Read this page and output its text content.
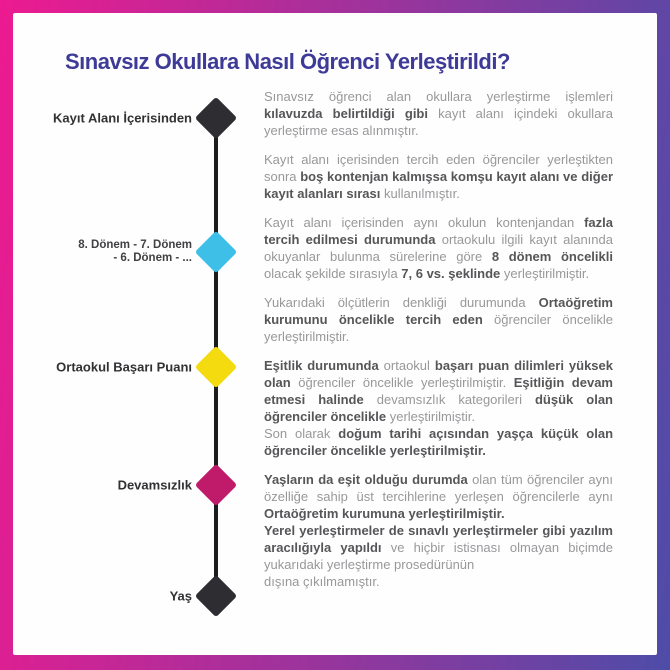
Sınavsız Okullara Nasıl Öğrenci Yerleştirildi?
Kayıt Alanı İçerisinden
8. Dönem - 7. Dönem
- 6. Dönem - ...
Ortaokul Başarı Puanı
Devamsızlık
Yaş

Sınavsız öğrenci alan okullara yerleştirme işlemleri kılavuzda belirtildiği gibi kayıt alanı içindeki okullara yerleştirme esas alınmıştır.

Kayıt alanı içerisinden tercih eden öğrenciler yerleştikten sonra boş kontenjan kalmışsa komşu kayıt alanı ve diğer kayıt alanları sırası kullanılmıştır.

Kayıt alanı içerisinden aynı okulun kontenjandan fazla tercih edilmesi durumunda ortaokulu ilgili kayıt alanında okuyanlar bulunma sürelerine göre 8 dönem öncelikli olacak şekilde sırasıyla 7, 6 vs. şeklinde yerleştirilmiştir.

Yukarıdaki ölçütlerin denkliği durumunda Ortaöğretim kurumunu öncelikle tercih eden öğrenciler öncelikle yerleştirilmiştir.

Eşitlik durumunda ortaokul başarı puan dilimleri yüksek olan öğrenciler öncelikle yerleştirilmiştir. Eşitliğin devam etmesi halinde devamsızlık kategorileri düşük olan öğrenciler öncelikle yerleştirilmiştir.
Son olarak doğum tarihi açısından yaşça küçük olan öğrenciler öncelikle yerleştirilmiştir.

Yaşların da eşit olduğu durumda olan tüm öğrenciler aynı özelliğe sahip üst tercihlerine yerleşen öğrencilerle aynı Ortaöğretim kurumuna yerleştirilmiştir.
Yerel yerleştirmeler de sınavlı yerleştirmeler gibi yazılım aracılığıyla yapıldı ve hiçbir istisnası olmayan biçimde yukarıdaki yerleştirme prosedürünün
dışına çıkılmamıştır.
